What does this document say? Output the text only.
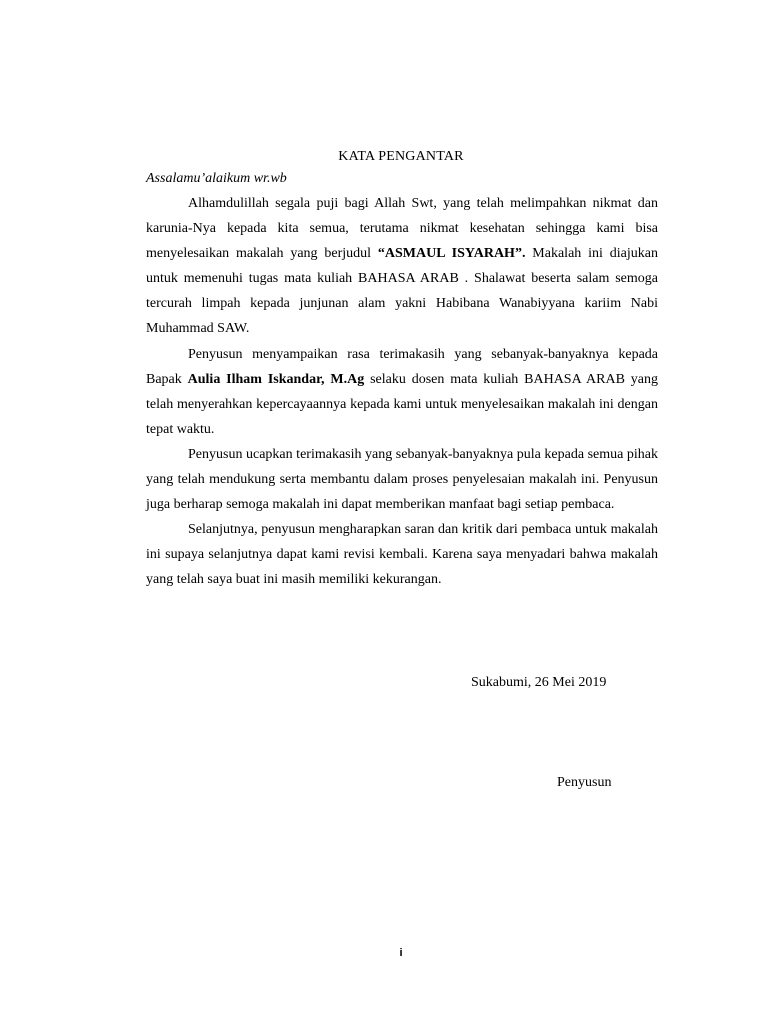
KATA PENGANTAR
Assalamu’alaikum wr.wb

Alhamdulillah segala puji bagi Allah Swt, yang telah melimpahkan nikmat dan karunia-Nya kepada kita semua, terutama nikmat kesehatan sehingga kami bisa menyelesaikan makalah yang berjudul “ASMAUL ISYARAH”. Makalah ini diajukan untuk memenuhi tugas mata kuliah BAHASA ARAB . Shalawat beserta salam semoga tercurah limpah kepada junjunan alam yakni Habibana Wanabiyyana kariim Nabi Muhammad SAW.

Penyusun menyampaikan rasa terimakasih yang sebanyak-banyaknya kepada Bapak Aulia Ilham Iskandar, M.Ag selaku dosen mata kuliah BAHASA ARAB yang telah menyerahkan kepercayaannya kepada kami untuk menyelesaikan makalah ini dengan tepat waktu.

Penyusun ucapkan terimakasih yang sebanyak-banyaknya pula kepada semua pihak yang telah mendukung serta membantu dalam proses penyelesaian makalah ini. Penyusun juga berharap semoga makalah ini dapat memberikan manfaat bagi setiap pembaca.

Selanjutnya, penyusun mengharapkan saran dan kritik dari pembaca untuk makalah ini supaya selanjutnya dapat kami revisi kembali. Karena saya menyadari bahwa makalah yang telah saya buat ini masih memiliki kekurangan.

Sukabumi, 26 Mei 2019
Penyusun
i
